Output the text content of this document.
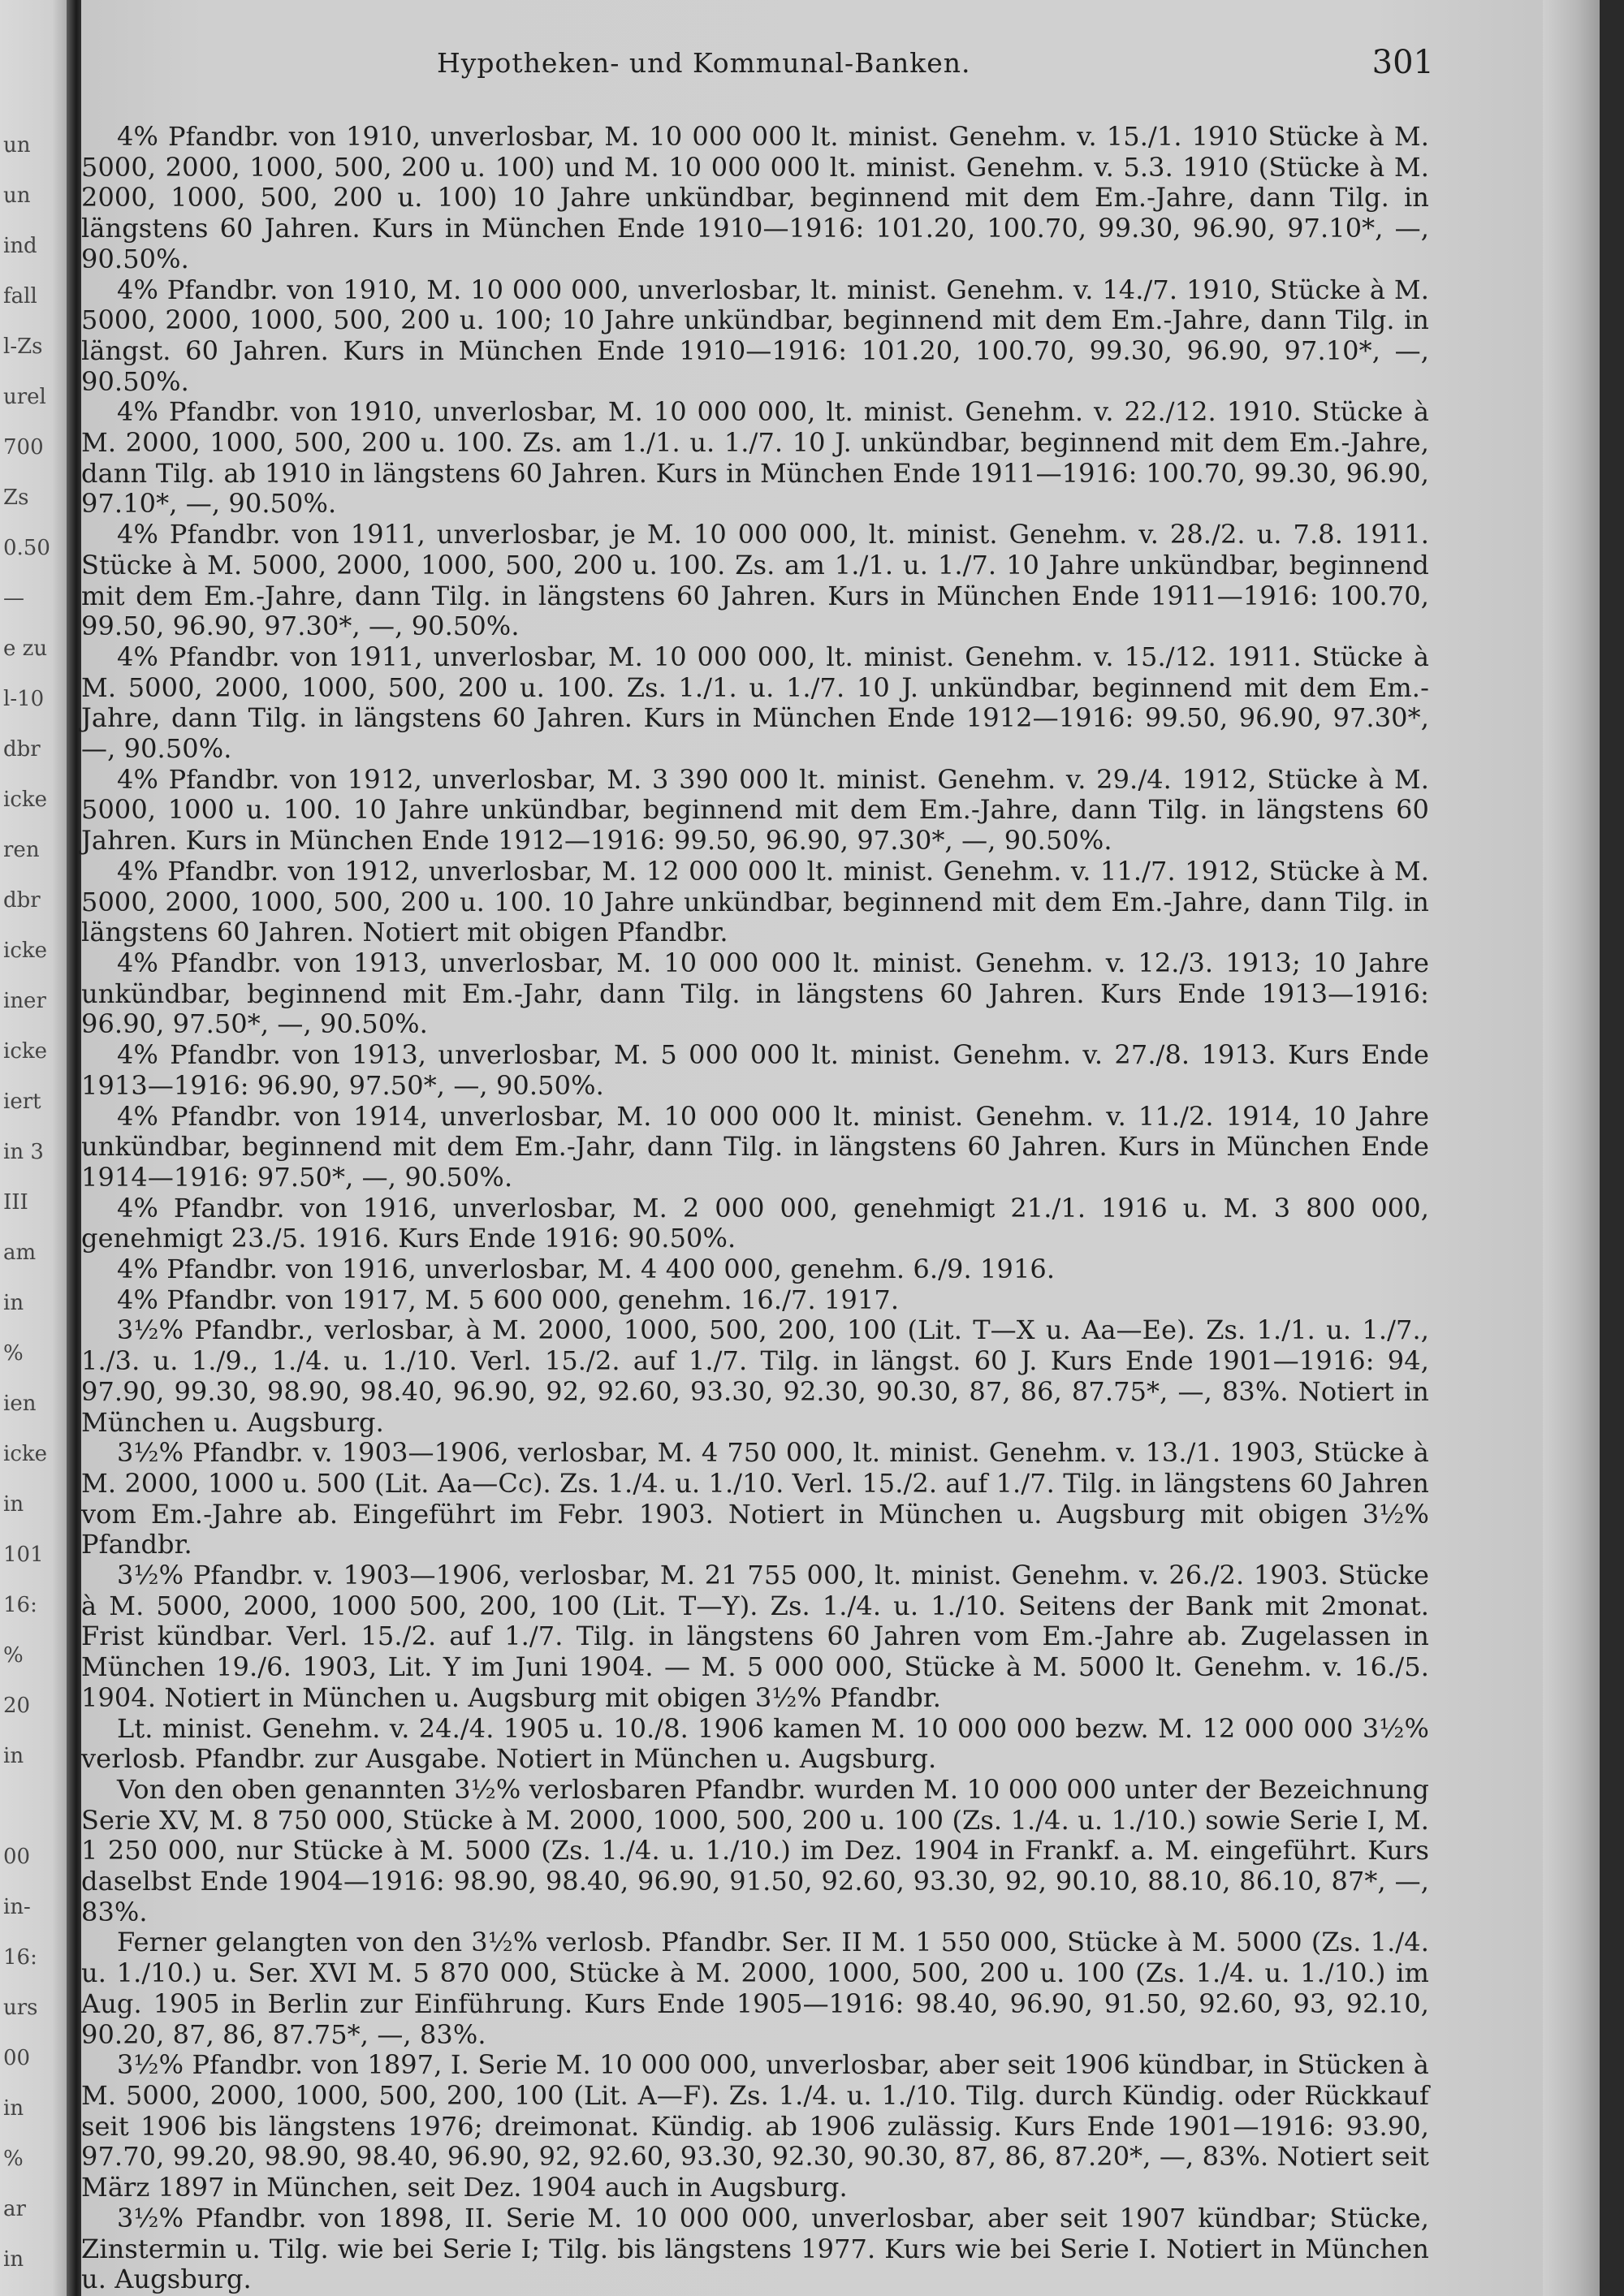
un
un
ind
fall
l-Zs
urel
700
Zs
0.50
—
e zu
l-10
dbr
icke
ren
dbr
icke
iner
icke
iert
in 3
III
am
in
%
ien
icke
in
101
16:
%
20
in
00
in-
16:
urs
00
in
%
ar
in
Hypotheken- und Kommunal-Banken.	301

4% Pfandbr. von 1910, unverlosbar, M. 10 000 000 lt. minist. Genehm. v. 15./1. 1910 Stücke à M. 5000, 2000, 1000, 500, 200 u. 100) und M. 10 000 000 lt. minist. Genehm. v. 5.3. 1910 (Stücke à M. 2000, 1000, 500, 200 u. 100) 10 Jahre unkündbar, beginnend mit dem Em.-Jahre, dann Tilg. in längstens 60 Jahren. Kurs in München Ende 1910—1916: 101.20, 100.70, 99.30, 96.90, 97.10*, —, 90.50%.

4% Pfandbr. von 1910, M. 10 000 000, unverlosbar, lt. minist. Genehm. v. 14./7. 1910, Stücke à M. 5000, 2000, 1000, 500, 200 u. 100; 10 Jahre unkündbar, beginnend mit dem Em.-Jahre, dann Tilg. in längst. 60 Jahren. Kurs in München Ende 1910—1916: 101.20, 100.70, 99.30, 96.90, 97.10*, —, 90.50%.

4% Pfandbr. von 1910, unverlosbar, M. 10 000 000, lt. minist. Genehm. v. 22./12. 1910. Stücke à M. 2000, 1000, 500, 200 u. 100. Zs. am 1./1. u. 1./7. 10 J. unkündbar, beginnend mit dem Em.-Jahre, dann Tilg. ab 1910 in längstens 60 Jahren. Kurs in München Ende 1911—1916: 100.70, 99.30, 96.90, 97.10*, —, 90.50%.

4% Pfandbr. von 1911, unverlosbar, je M. 10 000 000, lt. minist. Genehm. v. 28./2. u. 7.8. 1911. Stücke à M. 5000, 2000, 1000, 500, 200 u. 100. Zs. am 1./1. u. 1./7. 10 Jahre unkündbar, beginnend mit dem Em.-Jahre, dann Tilg. in längstens 60 Jahren. Kurs in München Ende 1911—1916: 100.70, 99.50, 96.90, 97.30*, —, 90.50%.

4% Pfandbr. von 1911, unverlosbar, M. 10 000 000, lt. minist. Genehm. v. 15./12. 1911. Stücke à M. 5000, 2000, 1000, 500, 200 u. 100. Zs. 1./1. u. 1./7. 10 J. unkündbar, beginnend mit dem Em.-Jahre, dann Tilg. in längstens 60 Jahren. Kurs in München Ende 1912—1916: 99.50, 96.90, 97.30*, —, 90.50%.

4% Pfandbr. von 1912, unverlosbar, M. 3 390 000 lt. minist. Genehm. v. 29./4. 1912, Stücke à M. 5000, 1000 u. 100. 10 Jahre unkündbar, beginnend mit dem Em.-Jahre, dann Tilg. in längstens 60 Jahren. Kurs in München Ende 1912—1916: 99.50, 96.90, 97.30*, —, 90.50%.

4% Pfandbr. von 1912, unverlosbar, M. 12 000 000 lt. minist. Genehm. v. 11./7. 1912, Stücke à M. 5000, 2000, 1000, 500, 200 u. 100. 10 Jahre unkündbar, beginnend mit dem Em.-Jahre, dann Tilg. in längstens 60 Jahren. Notiert mit obigen Pfandbr.

4% Pfandbr. von 1913, unverlosbar, M. 10 000 000 lt. minist. Genehm. v. 12./3. 1913; 10 Jahre unkündbar, beginnend mit Em.-Jahr, dann Tilg. in längstens 60 Jahren. Kurs Ende 1913—1916: 96.90, 97.50*, —, 90.50%.

4% Pfandbr. von 1913, unverlosbar, M. 5 000 000 lt. minist. Genehm. v. 27./8. 1913. Kurs Ende 1913—1916: 96.90, 97.50*, —, 90.50%.

4% Pfandbr. von 1914, unverlosbar, M. 10 000 000 lt. minist. Genehm. v. 11./2. 1914, 10 Jahre unkündbar, beginnend mit dem Em.-Jahr, dann Tilg. in längstens 60 Jahren. Kurs in München Ende 1914—1916: 97.50*, —, 90.50%.

4% Pfandbr. von 1916, unverlosbar, M. 2 000 000, genehmigt 21./1. 1916 u. M. 3 800 000, genehmigt 23./5. 1916. Kurs Ende 1916: 90.50%.

4% Pfandbr. von 1916, unverlosbar, M. 4 400 000, genehm. 6./9. 1916.

4% Pfandbr. von 1917, M. 5 600 000, genehm. 16./7. 1917.

3½% Pfandbr., verlosbar, à M. 2000, 1000, 500, 200, 100 (Lit. T—X u. Aa—Ee). Zs. 1./1. u. 1./7., 1./3. u. 1./9., 1./4. u. 1./10. Verl. 15./2. auf 1./7. Tilg. in längst. 60 J. Kurs Ende 1901—1916: 94, 97.90, 99.30, 98.90, 98.40, 96.90, 92, 92.60, 93.30, 92.30, 90.30, 87, 86, 87.75*, —, 83%. Notiert in München u. Augsburg.

3½% Pfandbr. v. 1903—1906, verlosbar, M. 4 750 000, lt. minist. Genehm. v. 13./1. 1903, Stücke à M. 2000, 1000 u. 500 (Lit. Aa—Cc). Zs. 1./4. u. 1./10. Verl. 15./2. auf 1./7. Tilg. in längstens 60 Jahren vom Em.-Jahre ab. Eingeführt im Febr. 1903. Notiert in München u. Augsburg mit obigen 3½% Pfandbr.

3½% Pfandbr. v. 1903—1906, verlosbar, M. 21 755 000, lt. minist. Genehm. v. 26./2. 1903. Stücke à M. 5000, 2000, 1000 500, 200, 100 (Lit. T—Y). Zs. 1./4. u. 1./10. Seitens der Bank mit 2monat. Frist kündbar. Verl. 15./2. auf 1./7. Tilg. in längstens 60 Jahren vom Em.-Jahre ab. Zugelassen in München 19./6. 1903, Lit. Y im Juni 1904. — M. 5 000 000, Stücke à M. 5000 lt. Genehm. v. 16./5. 1904. Notiert in München u. Augsburg mit obigen 3½% Pfandbr.

Lt. minist. Genehm. v. 24./4. 1905 u. 10./8. 1906 kamen M. 10 000 000 bezw. M. 12 000 000 3½% verlosb. Pfandbr. zur Ausgabe. Notiert in München u. Augsburg.

Von den oben genannten 3½% verlosbaren Pfandbr. wurden M. 10 000 000 unter der Bezeichnung Serie XV, M. 8 750 000, Stücke à M. 2000, 1000, 500, 200 u. 100 (Zs. 1./4. u. 1./10.) sowie Serie I, M. 1 250 000, nur Stücke à M. 5000 (Zs. 1./4. u. 1./10.) im Dez. 1904 in Frankf. a. M. eingeführt. Kurs daselbst Ende 1904—1916: 98.90, 98.40, 96.90, 91.50, 92.60, 93.30, 92, 90.10, 88.10, 86.10, 87*, —, 83%.

Ferner gelangten von den 3½% verlosb. Pfandbr. Ser. II M. 1 550 000, Stücke à M. 5000 (Zs. 1./4. u. 1./10.) u. Ser. XVI M. 5 870 000, Stücke à M. 2000, 1000, 500, 200 u. 100 (Zs. 1./4. u. 1./10.) im Aug. 1905 in Berlin zur Einführung. Kurs Ende 1905—1916: 98.40, 96.90, 91.50, 92.60, 93, 92.10, 90.20, 87, 86, 87.75*, —, 83%.

3½% Pfandbr. von 1897, I. Serie M. 10 000 000, unverlosbar, aber seit 1906 kündbar, in Stücken à M. 5000, 2000, 1000, 500, 200, 100 (Lit. A—F). Zs. 1./4. u. 1./10. Tilg. durch Kündig. oder Rückkauf seit 1906 bis längstens 1976; dreimonat. Kündig. ab 1906 zulässig. Kurs Ende 1901—1916: 93.90, 97.70, 99.20, 98.90, 98.40, 96.90, 92, 92.60, 93.30, 92.30, 90.30, 87, 86, 87.20*, —, 83%. Notiert seit März 1897 in München, seit Dez. 1904 auch in Augsburg.

3½% Pfandbr. von 1898, II. Serie M. 10 000 000, unverlosbar, aber seit 1907 kündbar; Stücke, Zinstermin u. Tilg. wie bei Serie I; Tilg. bis längstens 1977. Kurs wie bei Serie I. Notiert in München u. Augsburg.
